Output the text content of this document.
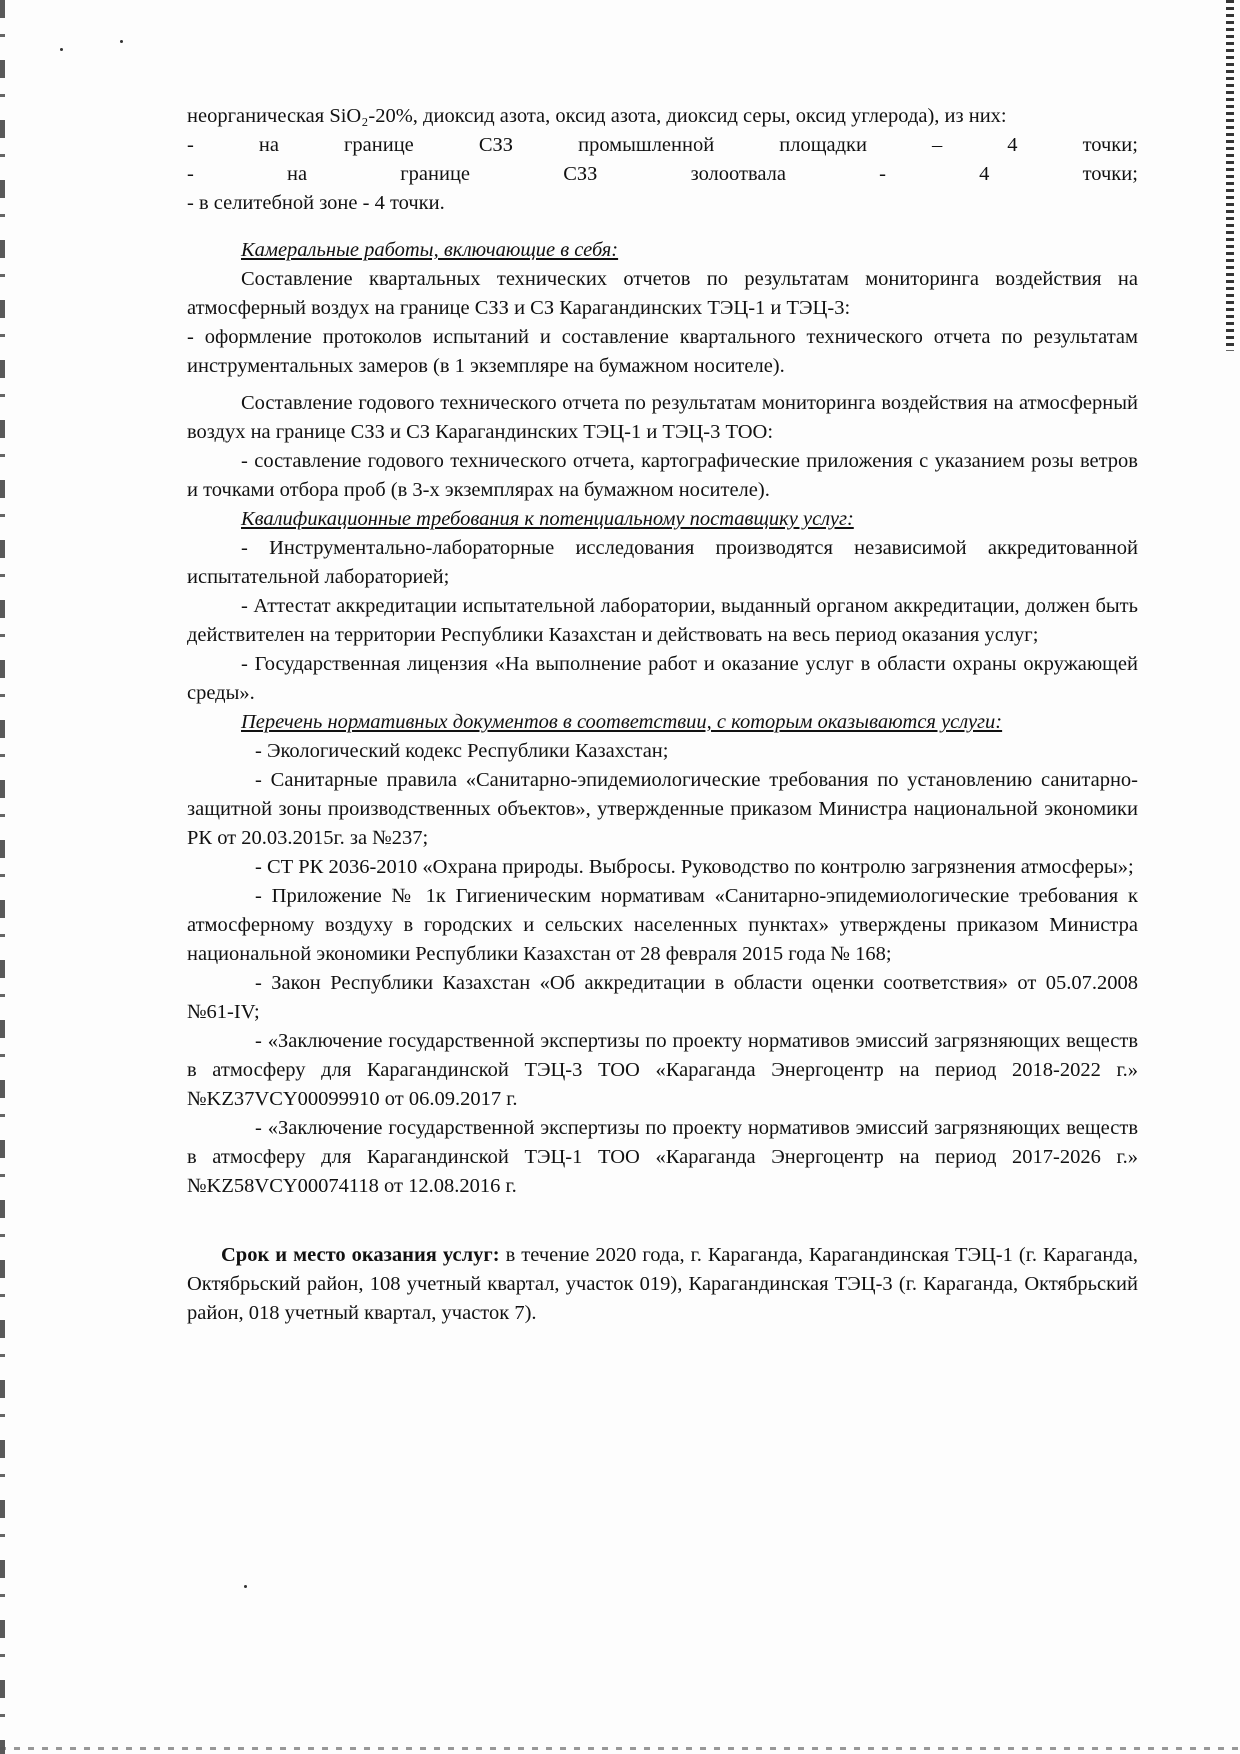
неорганическая SiO₂-20%, диоксид азота, оксид азота, диоксид серы, оксид углерода), из них:

-	на	границе	СЗЗ	промышленной	площадки	–	4	точки;
-	на	границе	СЗЗ	золоотвала	-	4	точки;

- в селитебной зоне - 4 точки.

Камеральные работы, включающие в себя:

Составление квартальных технических отчетов по результатам мониторинга воздействия на атмосферный воздух на границе СЗЗ и СЗ Карагандинских ТЭЦ-1 и ТЭЦ-3:

- оформление протоколов испытаний и составление квартального технического отчета по результатам инструментальных замеров (в 1 экземпляре на бумажном носителе).

Составление годового технического отчета по результатам мониторинга воздействия на атмосферный воздух на границе СЗЗ и СЗ Карагандинских ТЭЦ-1 и ТЭЦ-3 ТОО:

- составление годового технического отчета, картографические приложения с указанием розы ветров и точками отбора проб (в 3-х экземплярах на бумажном носителе).

Квалификационные требования к потенциальному поставщику услуг:

- Инструментально-лабораторные исследования производятся независимой аккредитованной испытательной лабораторией;

- Аттестат аккредитации испытательной лаборатории, выданный органом аккредитации, должен быть действителен на территории Республики Казахстан и действовать на весь период оказания услуг;

- Государственная лицензия «На выполнение работ и оказание услуг в области охраны окружающей среды».

Перечень нормативных документов в соответствии, с которым оказываются услуги:

- Экологический кодекс Республики Казахстан;

- Санитарные правила «Санитарно-эпидемиологические требования по установлению санитарно-защитной зоны производственных объектов», утвержденные приказом Министра национальной экономики РК от 20.03.2015г. за №237;

- СТ РК 2036-2010 «Охрана природы. Выбросы. Руководство по контролю загрязнения атмосферы»;

- Приложение № 1к Гигиеническим нормативам «Санитарно-эпидемиологические требования к атмосферному воздуху в городских и сельских населенных пунктах» утверждены приказом Министра национальной экономики Республики Казахстан от 28 февраля 2015 года № 168;

- Закон Республики Казахстан «Об аккредитации в области оценки соответствия» от 05.07.2008 №61-IV;

- «Заключение государственной экспертизы по проекту нормативов эмиссий загрязняющих веществ в атмосферу для Карагандинской ТЭЦ-3 ТОО «Караганда Энергоцентр на период 2018-2022 г.» №KZ37VCY00099910 от 06.09.2017 г.

- «Заключение государственной экспертизы по проекту нормативов эмиссий загрязняющих веществ в атмосферу для Карагандинской ТЭЦ-1 ТОО «Караганда Энергоцентр на период 2017-2026 г.» №KZ58VCY00074118 от 12.08.2016 г.

Срок и место оказания услуг: в течение 2020 года, г. Караганда, Карагандинская ТЭЦ-1 (г. Караганда, Октябрьский район, 108 учетный квартал, участок 019), Карагандинская ТЭЦ-3 (г. Караганда, Октябрьский район, 018 учетный квартал, участок 7).
